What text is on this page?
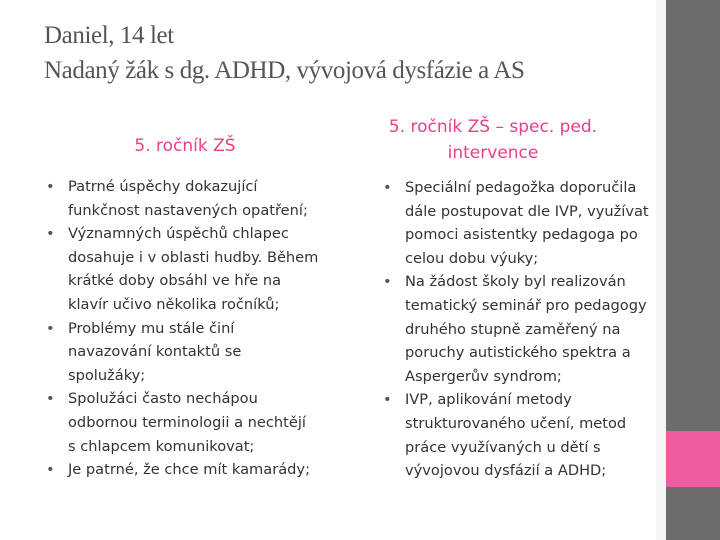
Daniel, 14 let
Nadaný žák s dg. ADHD, vývojová dysfázie a AS
5. ročník ZŠ
5. ročník ZŠ – spec. ped.
intervence
• Patrné úspěchy dokazující
funkčnost nastavených opatření;
• Významných úspěchů chlapec
dosahuje i v oblasti hudby. Během
krátké doby obsáhl ve hře na
klavír učivo několika ročníků;
• Problémy mu stále činí
navazování kontaktů se
spolužáky;
• Spolužáci často nechápou
odbornou terminologii a nechtějí
s chlapcem komunikovat;
• Je patrné, že chce mít kamarády;
• Speciální pedagožka doporučila
dále postupovat dle IVP, využívat
pomoci asistentky pedagoga po
celou dobu výuky;
• Na žádost školy byl realizován
tematický seminář pro pedagogy
druhého stupně zaměřený na
poruchy autistického spektra a
Aspergerův syndrom;
• IVP, aplikování metody
strukturovaného učení, metod
práce využívaných u dětí s
vývojovou dysfázií a ADHD;
